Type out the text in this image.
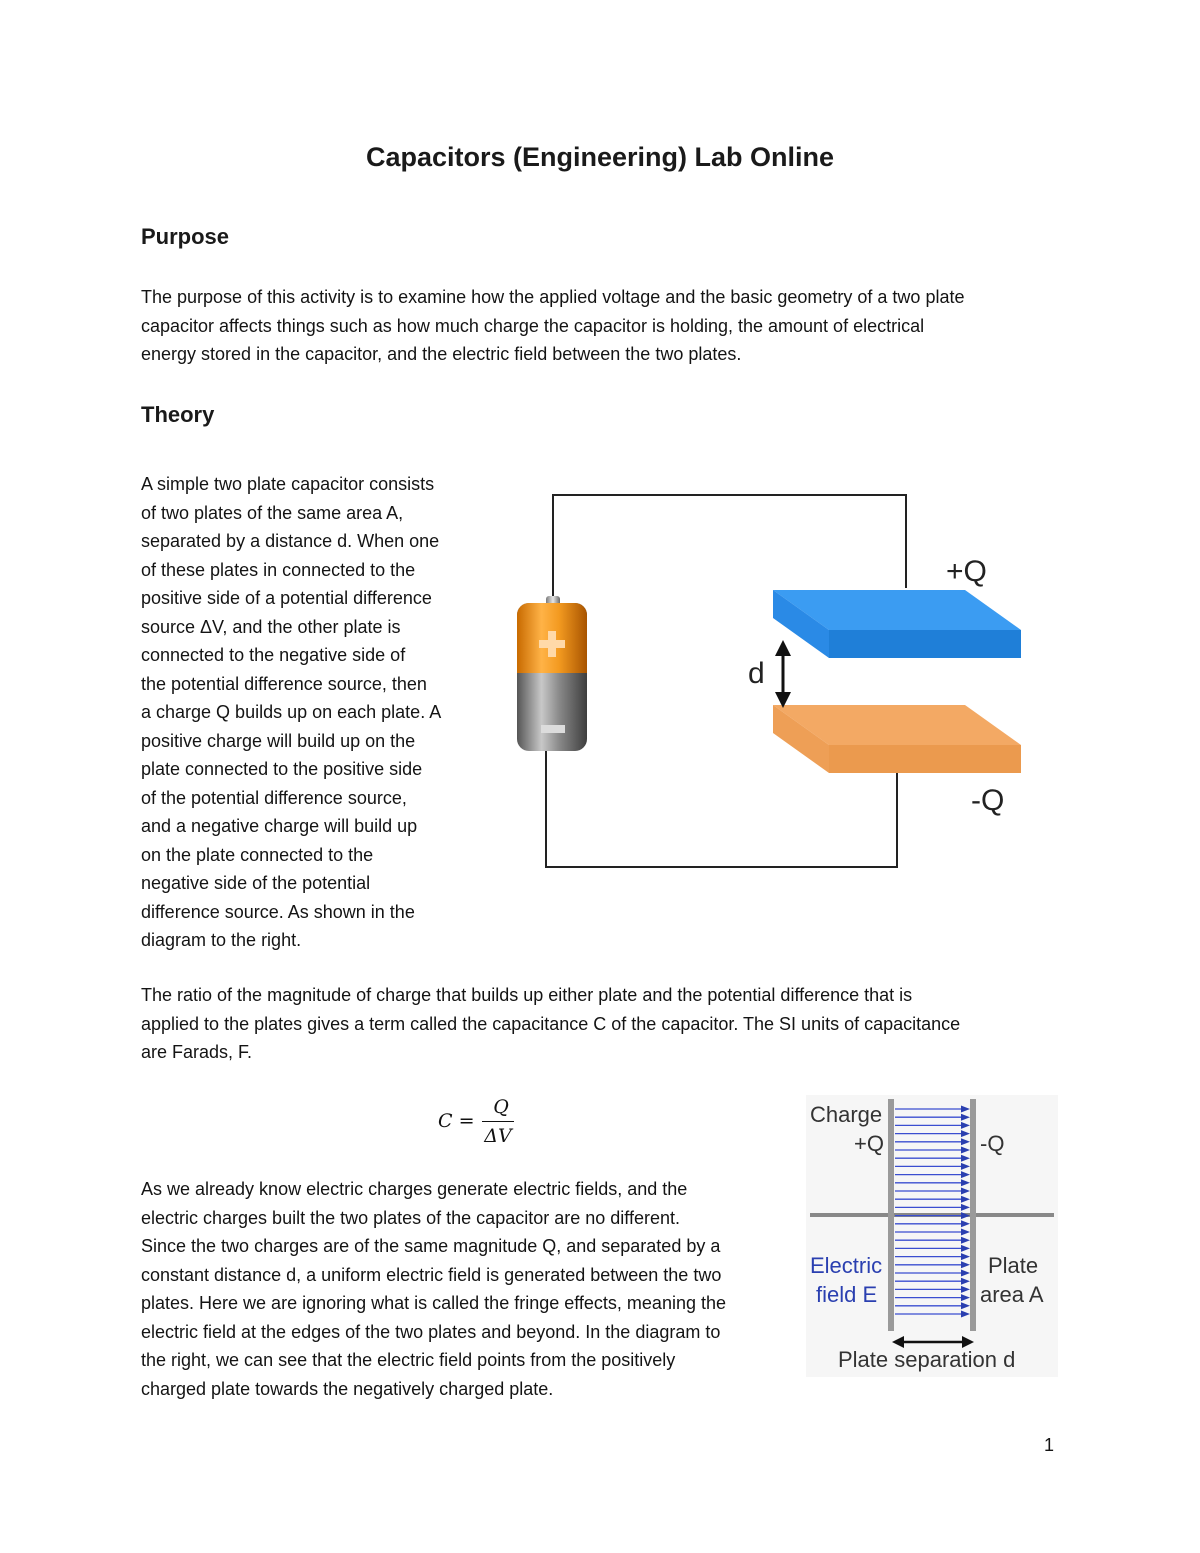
Capacitors (Engineering) Lab Online
Purpose
The purpose of this activity is to examine how the applied voltage and the basic geometry of a two plate
capacitor affects things such as how much charge the capacitor is holding, the amount of electrical
energy stored in the capacitor, and the electric field between the two plates.
Theory
A simple two plate capacitor consists
of two plates of the same area A,
separated by a distance d. When one
of these plates in connected to the
positive side of a potential difference
source ΔV, and the other plate is
connected to the negative side of
the potential difference source, then
a charge Q builds up on each plate. A
positive charge will build up on the
plate connected to the positive side
of the potential difference source,
and a negative charge will build up
on the plate connected to the
negative side of the potential
difference source. As shown in the
diagram to the right.
d
+Q
-Q
The ratio of the magnitude of charge that builds up either plate and the potential difference that is
applied to the plates gives a term called the capacitance C of the capacitor. The SI units of capacitance
are Farads, F.
C =
Q
ΔV
As we already know electric charges generate electric fields, and the
electric charges built the two plates of the capacitor are no different.
Since the two charges are of the same magnitude Q, and separated by a
constant distance d, a uniform electric field is generated between the two
plates. Here we are ignoring what is called the fringe effects, meaning the
electric field at the edges of the two plates and beyond. In the diagram to
the right, we can see that the electric field points from the positively
charged plate towards the negatively charged plate.
Charge
+Q	-Q
Electric
field E
Plate
area A
Plate separation d
1
